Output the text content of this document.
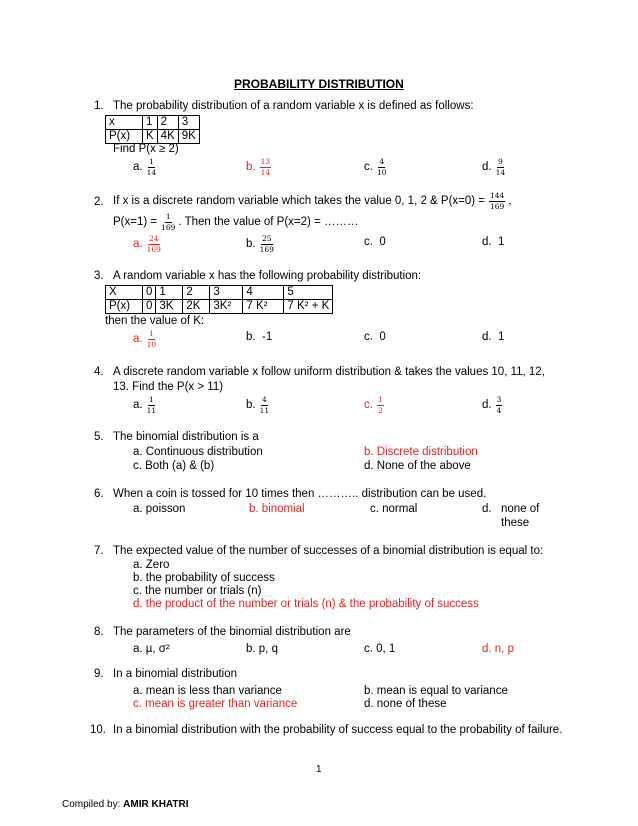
PROBABILITY DISTRIBUTION
1. The probability distribution of a random variable x is defined as follows:
x	1	2	3
P(x)	K	4K	9K
Find P(x ≥ 2)
a. $\frac{1}{14}$	b. $\frac{13}{14}$	c. $\frac{4}{10}$	d. $\frac{9}{14}$
2. If x is a discrete random variable which takes the value 0, 1, 2 & $P(x=0) = \frac{144}{169}$ ,
$P(x=1) = \frac{1}{169}$ . Then the value of P(x=2) = ………
a. $\frac{24}{169}$	b. $\frac{25}{169}$	c. 0	d. 1
3. A random variable x has the following probability distribution:
X	0	1	2	3	4	5
P(x)	0	3K	2K	3K²	7 K²	7 K² + K
then the value of K:
a. $\frac{1}{10}$	b. -1	c. 0	d. 1
4. A discrete random variable x follow uniform distribution & takes the values 10, 11, 12,
13. Find the P(x > 11)
a. $\frac{1}{11}$	b. $\frac{4}{11}$	c. $\frac{1}{2}$	d. $\frac{3}{4}$
5. The binomial distribution is a
a. Continuous distribution	b. Discrete distribution
c. Both (a) & (b)	d. None of the above
6. When a coin is tossed for 10 times then ……….. distribution can be used.
a. poisson	b. binomial	c. normal	d. none of
these
7. The expected value of the number of successes of a binomial distribution is equal to:
a. Zero
b. the probability of success
c. the number or trials (n)
d. the product of the number or trials (n) & the probability of success
8. The parameters of the binomial distribution are
a. µ, σ²	b. p, q	c. 0, 1	d. n, p
9. In a binomial distribution
a. mean is less than variance	b. mean is equal to variance
c. mean is greater than variance	d. none of these
10. In a binomial distribution with the probability of success equal to the probability of failure.
1
Compiled by: AMIR KHATRI
